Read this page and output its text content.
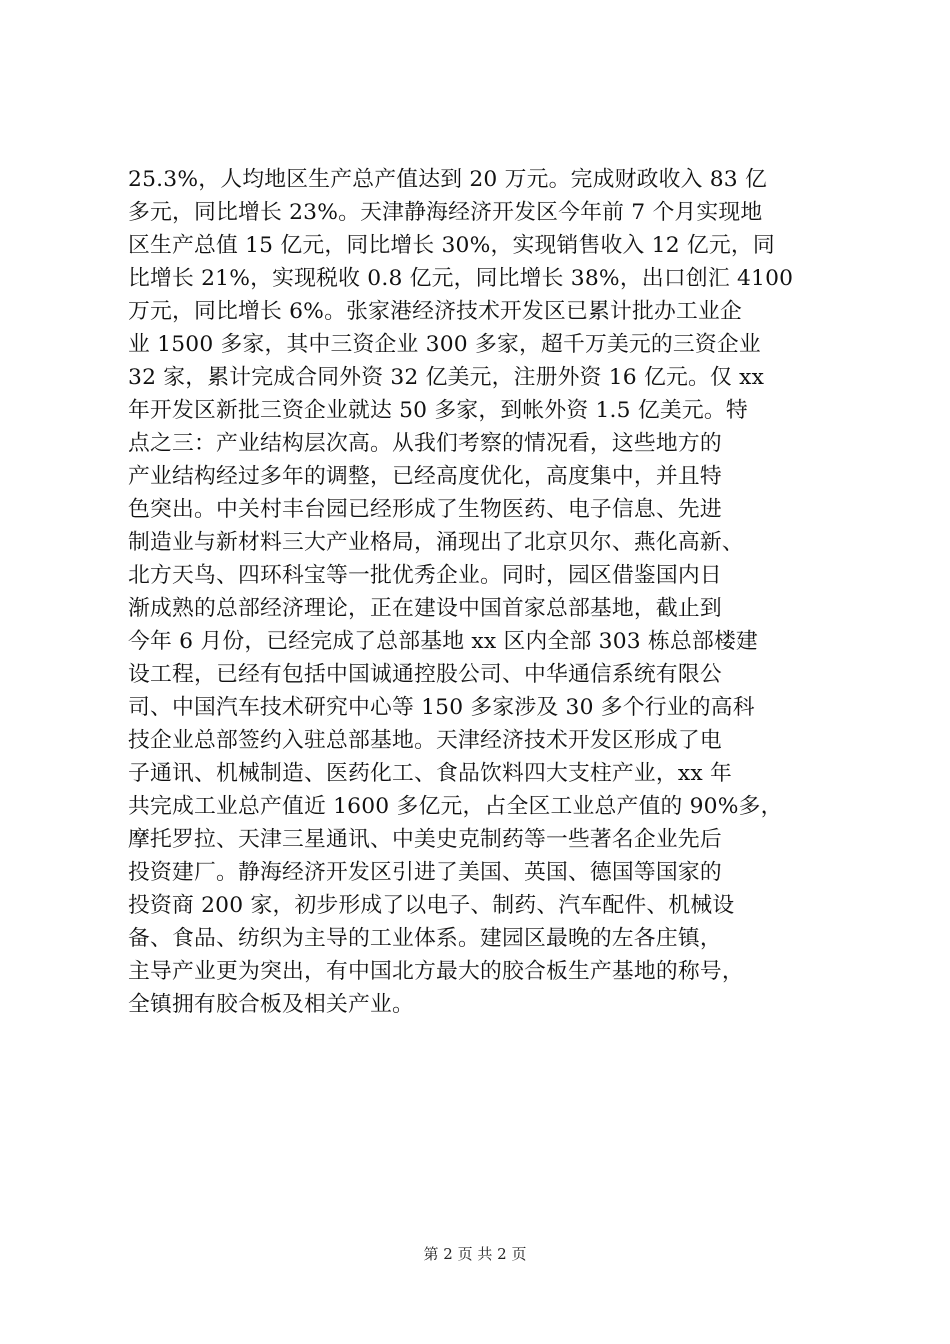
25.3%，人均地区生产总产值达到 20 万元。完成财政收入 83 亿
多元，同比增长 23%。天津静海经济开发区今年前 7 个月实现地
区生产总值 15 亿元，同比增长 30%，实现销售收入 12 亿元，同
比增长 21%，实现税收 0.8 亿元，同比增长 38%，出口创汇 4100
万元，同比增长 6%。张家港经济技术开发区已累计批办工业企
业 1500 多家，其中三资企业 300 多家，超千万美元的三资企业
32 家，累计完成合同外资 32 亿美元，注册外资 16 亿元。仅 xx
年开发区新批三资企业就达 50 多家，到帐外资 1.5 亿美元。特
点之三：产业结构层次高。从我们考察的情况看，这些地方的
产业结构经过多年的调整，已经高度优化，高度集中，并且特
色突出。中关村丰台园已经形成了生物医药、电子信息、先进
制造业与新材料三大产业格局，涌现出了北京贝尔、燕化高新、
北方天鸟、四环科宝等一批优秀企业。同时，园区借鉴国内日
渐成熟的总部经济理论，正在建设中国首家总部基地，截止到
今年 6 月份，已经完成了总部基地 xx 区内全部 303 栋总部楼建
设工程，已经有包括中国诚通控股公司、中华通信系统有限公
司、中国汽车技术研究中心等 150 多家涉及 30 多个行业的高科
技企业总部签约入驻总部基地。天津经济技术开发区形成了电
子通讯、机械制造、医药化工、食品饮料四大支柱产业，xx 年
共完成工业总产值近 1600 多亿元，占全区工业总产值的 90%多，
摩托罗拉、天津三星通讯、中美史克制药等一些著名企业先后
投资建厂。静海经济开发区引进了美国、英国、德国等国家的
投资商 200 家，初步形成了以电子、制药、汽车配件、机械设
备、食品、纺织为主导的工业体系。建园区最晚的左各庄镇，
主导产业更为突出，有中国北方最大的胶合板生产基地的称号，
全镇拥有胶合板及相关产业。
第 2 页 共 2 页
